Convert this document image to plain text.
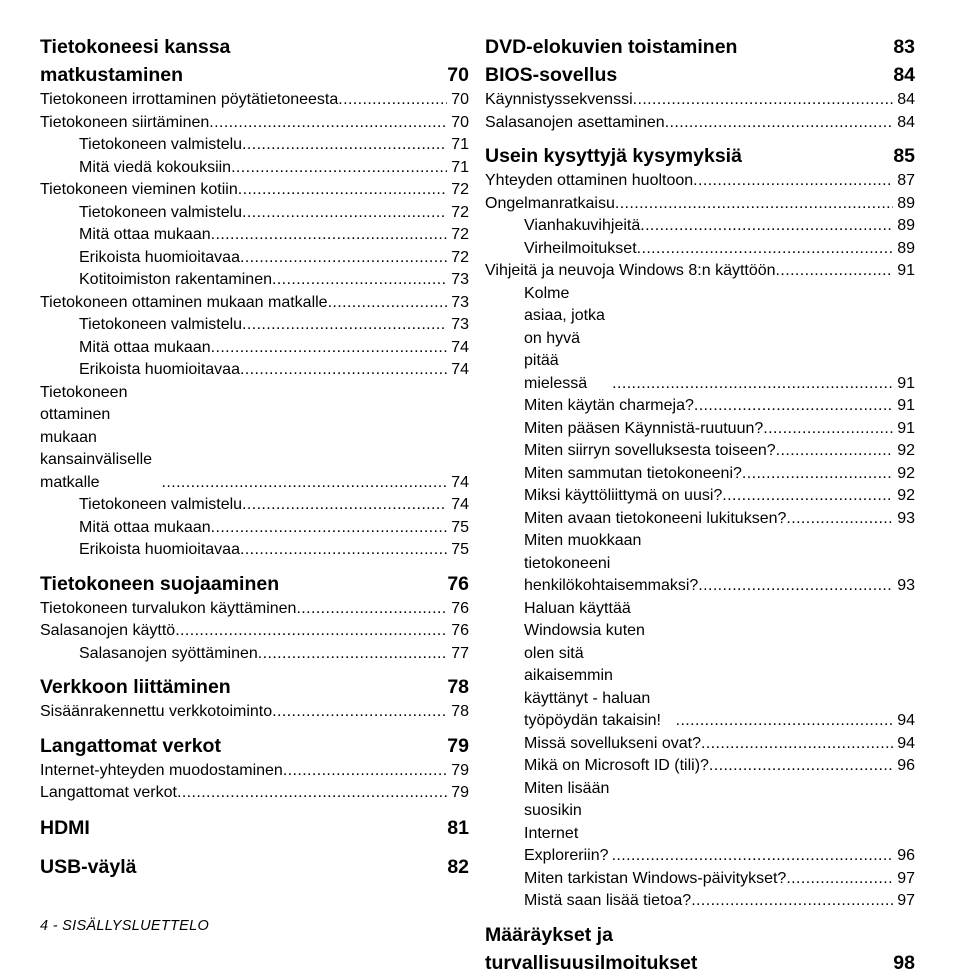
Tietokoneesi kanssa matkustaminen	70
Tietokoneen irrottaminen pöytätietoneesta .....	70
Tietokoneen siirtäminen .....	70
Tietokoneen valmistelu .....	71
Mitä viedä kokouksiin .....	71
Tietokoneen vieminen kotiin .....	72
Tietokoneen valmistelu .....	72
Mitä ottaa mukaan .....	72
Erikoista huomioitavaa .....	72
Kotitoimiston rakentaminen .....	73
Tietokoneen ottaminen mukaan matkalle .....	73
Tietokoneen valmistelu .....	73
Mitä ottaa mukaan .....	74
Erikoista huomioitavaa .....	74
Tietokoneen ottaminen mukaan kansainväliselle matkalle .....	74
Tietokoneen valmistelu .....	74
Mitä ottaa mukaan .....	75
Erikoista huomioitavaa .....	75
Tietokoneen suojaaminen	76
Tietokoneen turvalukon käyttäminen .....	76
Salasanojen käyttö .....	76
Salasanojen syöttäminen .....	77
Verkkoon liittäminen	78
Sisäänrakennettu verkkotoiminto .....	78
Langattomat verkot	79
Internet-yhteyden muodostaminen .....	79
Langattomat verkot .....	79
HDMI	81
USB-väylä	82
DVD-elokuvien toistaminen	83
BIOS-sovellus	84
Käynnistyssekvenssi .....	84
Salasanojen asettaminen .....	84
Usein kysyttyjä kysymyksiä	85
Yhteyden ottaminen huoltoon .....	87
Ongelmanratkaisu .....	89
Vianhakuvihjeitä .....	89
Virheilmoitukset .....	89
Vihjeitä ja neuvoja Windows 8:n käyttöön .....	91
Kolme asiaa, jotka on hyvä pitää mielessä .....	91
Miten käytän charmeja? .....	91
Miten pääsen Käynnistä-ruutuun? .....	91
Miten siirryn sovelluksesta toiseen? .....	92
Miten sammutan tietokoneeni? .....	92
Miksi käyttöliittymä on uusi? .....	92
Miten avaan tietokoneeni lukituksen? .....	93
Miten muokkaan tietokoneeni henkilökohtaisemmaksi? .....	93
Haluan käyttää Windowsia kuten olen sitä aikaisemmin käyttänyt - haluan työpöydän takaisin! .....	94
Missä sovellukseni ovat? .....	94
Mikä on Microsoft ID (tili)? .....	96
Miten lisään suosikin Internet Exploreriin? .....	96
Miten tarkistan Windows-päivitykset? .....	97
Mistä saan lisää tietoa? .....	97
Määräykset ja turvallisuusilmoitukset	98
4 - SISÄLLYSLUETTELO
